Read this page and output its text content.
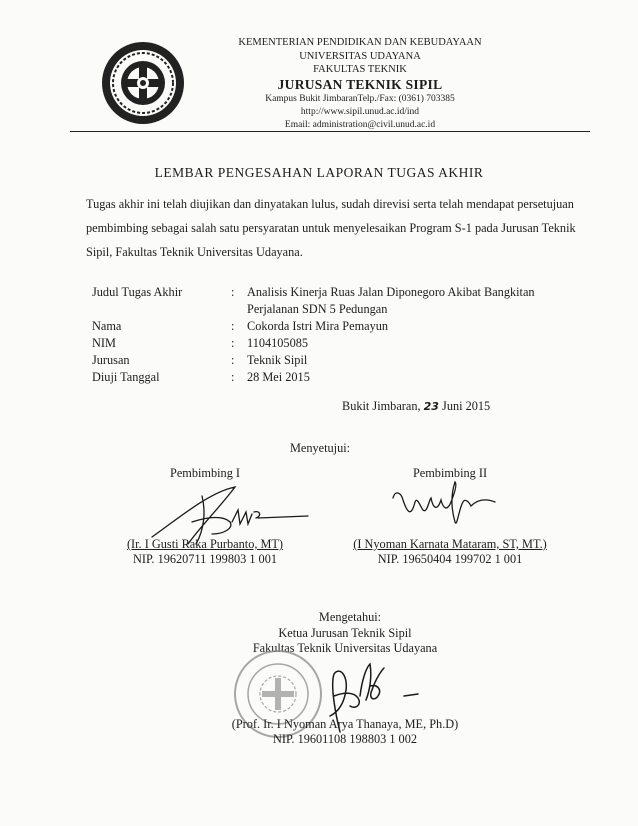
KEMENTERIAN PENDIDIKAN DAN KEBUDAYAAN
UNIVERSITAS UDAYANA
FAKULTAS TEKNIK
JURUSAN TEKNIK SIPIL
Kampus Bukit JimbaranTelp./Fax: (0361) 703385
http://www.sipil.unud.ac.id/ind
Email: administration@civil.unud.ac.id
LEMBAR PENGESAHAN LAPORAN TUGAS AKHIR
Tugas akhir ini telah diujikan dan dinyatakan lulus, sudah direvisi serta telah mendapat persetujuan pembimbing sebagai salah satu persyaratan untuk menyelesaikan Program S-1 pada Jurusan Teknik Sipil, Fakultas Teknik Universitas Udayana.
Judul Tugas Akhir	: Analisis Kinerja Ruas Jalan Diponegoro Akibat Bangkitan
Perjalanan SDN 5 Pedungan
Nama	: Cokorda Istri Mira Pemayun
NIM	: 1104105085
Jurusan	: Teknik Sipil
Diuji Tanggal	: 28 Mei 2015
Bukit Jimbaran, 23 Juni 2015
Menyetujui:
Pembimbing I
(Ir. I Gusti Raka Purbanto, MT)
NIP. 19620711 199803 1 001
Pembimbing II
(I Nyoman Karnata Mataram, ST, MT.)
NIP. 19650404 199702 1 001
Mengetahui:
Ketua Jurusan Teknik Sipil
Fakultas Teknik Universitas Udayana
(Prof. Ir. I Nyoman Arya Thanaya, ME, Ph.D)
NIP. 19601108 198803 1 002
